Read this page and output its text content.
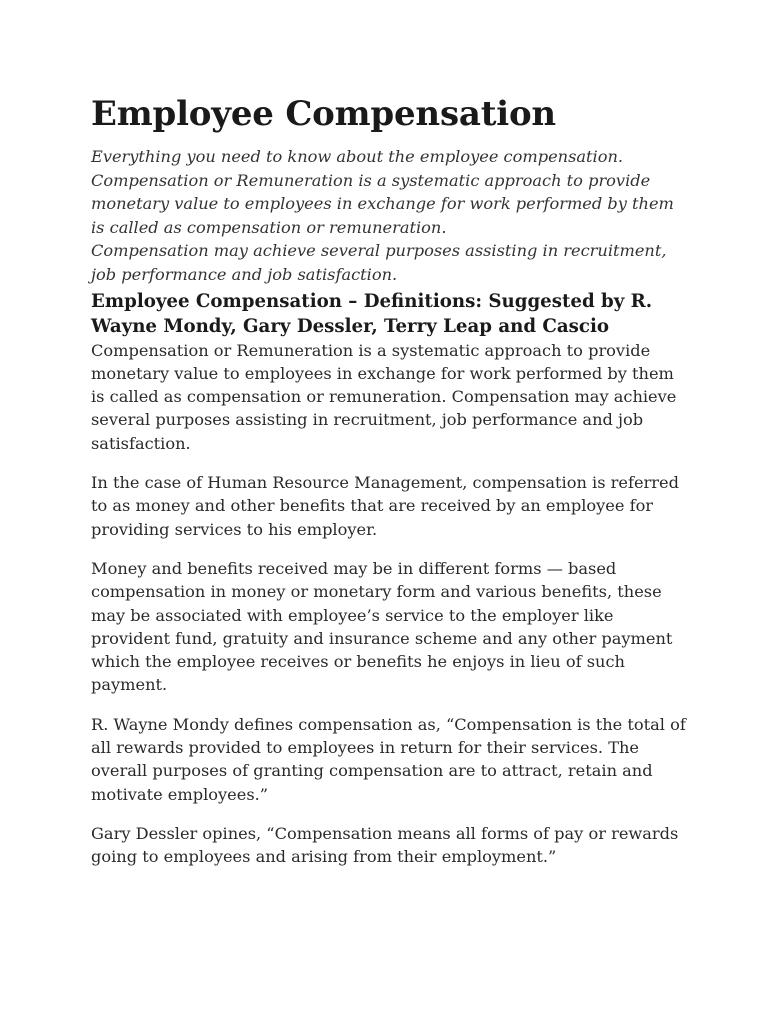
Employee Compensation

Everything you need to know about the employee compensation.

Compensation or Remuneration is a systematic approach to provide monetary value to employees in exchange for work performed by them is called as compensation or remuneration.

Compensation may achieve several purposes assisting in recruitment, job performance and job satisfaction.

Employee Compensation – Definitions: Suggested by R. Wayne Mondy, Gary Dessler, Terry Leap and Cascio

Compensation or Remuneration is a systematic approach to provide monetary value to employees in exchange for work performed by them is called as compensation or remuneration. Compensation may achieve several purposes assisting in recruitment, job performance and job satisfaction.

In the case of Human Resource Management, compensation is referred to as money and other benefits that are received by an employee for providing services to his employer.

Money and benefits received may be in different forms — based compensation in money or monetary form and various benefits, these may be associated with employee’s service to the employer like provident fund, gratuity and insurance scheme and any other payment which the employee receives or benefits he enjoys in lieu of such payment.

R. Wayne Mondy defines compensation as, “Compensation is the total of all rewards provided to employees in return for their services. The overall purposes of granting compensation are to attract, retain and motivate employees.”

Gary Dessler opines, “Compensation means all forms of pay or rewards going to employees and arising from their employment.”
